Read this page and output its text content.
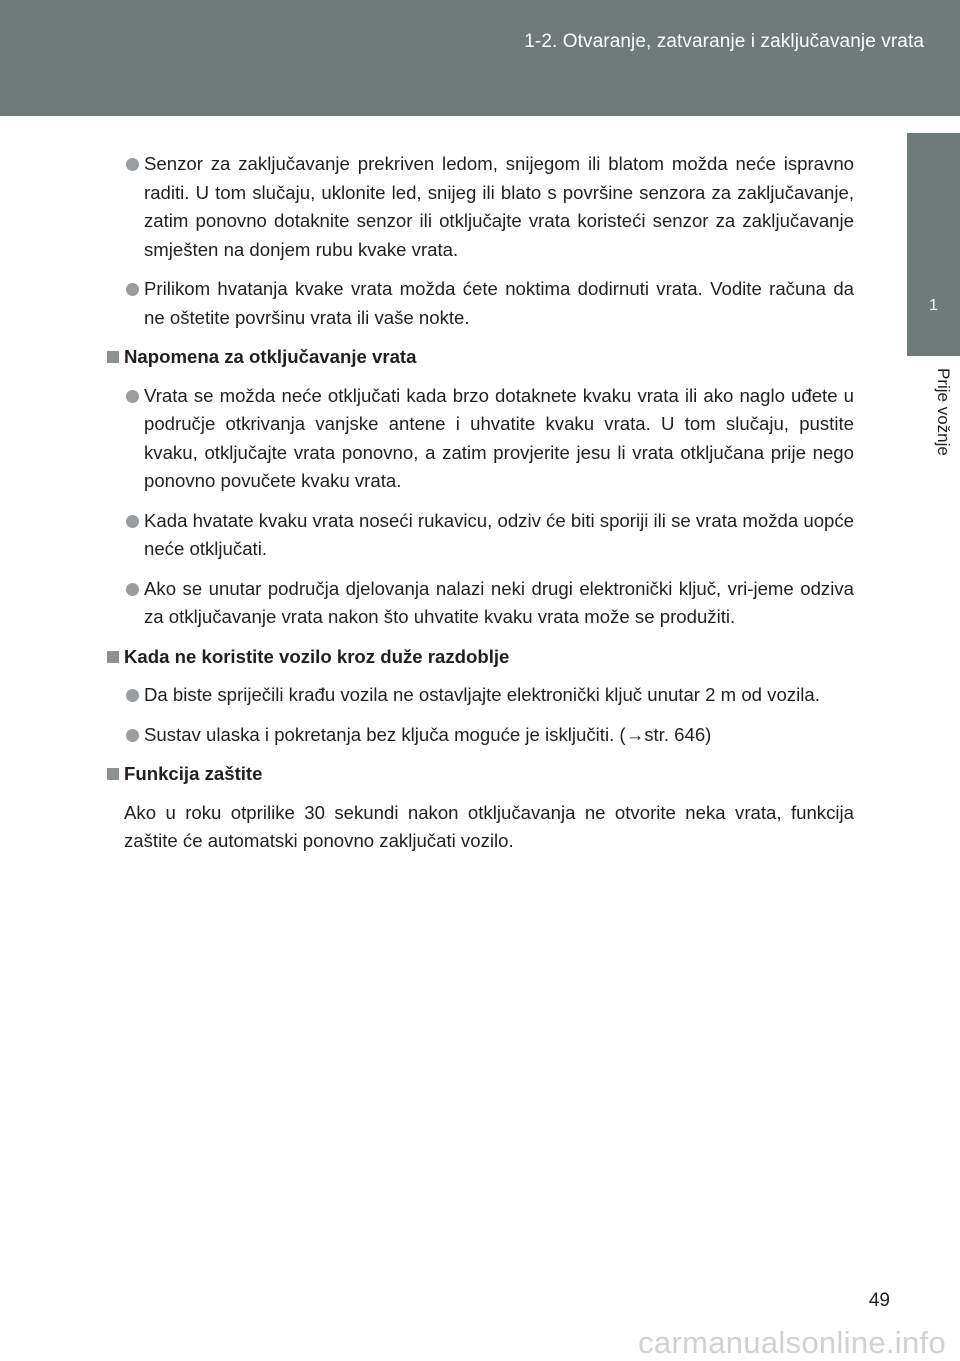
1-2. Otvaranje, zatvaranje i zaključavanje vrata
1
Prije vožnje
Senzor za zaključavanje prekriven ledom, snijegom ili blatom možda neće ispravno raditi. U tom slučaju, uklonite led, snijeg ili blato s površine senzora za zaključavanje, zatim ponovno dotaknite senzor ili otključajte vrata koristeći senzor za zaključavanje smješten na donjem rubu kvake vrata.
Prilikom hvatanja kvake vrata možda ćete noktima dodirnuti vrata. Vodite računa da ne oštetite površinu vrata ili vaše nokte.
Napomena za otključavanje vrata
Vrata se možda neće otključati kada brzo dotaknete kvaku vrata ili ako naglo uđete u područje otkrivanja vanjske antene i uhvatite kvaku vrata. U tom slučaju, pustite kvaku, otključajte vrata ponovno, a zatim provjerite jesu li vrata otključana prije nego ponovno povučete kvaku vrata.
Kada hvatate kvaku vrata noseći rukavicu, odziv će biti sporiji ili se vrata možda uopće neće otključati.
Ako se unutar područja djelovanja nalazi neki drugi elektronički ključ, vri-jeme odziva za otključavanje vrata nakon što uhvatite kvaku vrata može se produžiti.
Kada ne koristite vozilo kroz duže razdoblje
Da biste spriječili krađu vozila ne ostavljajte elektronički ključ unutar 2 m od vozila.
Sustav ulaska i pokretanja bez ključa moguće je isključiti. (→str. 646)
Funkcija zaštite
Ako u roku otprilike 30 sekundi nakon otključavanja ne otvorite neka vrata, funkcija zaštite će automatski ponovno zaključati vozilo.
49
carmanualsonline.info
